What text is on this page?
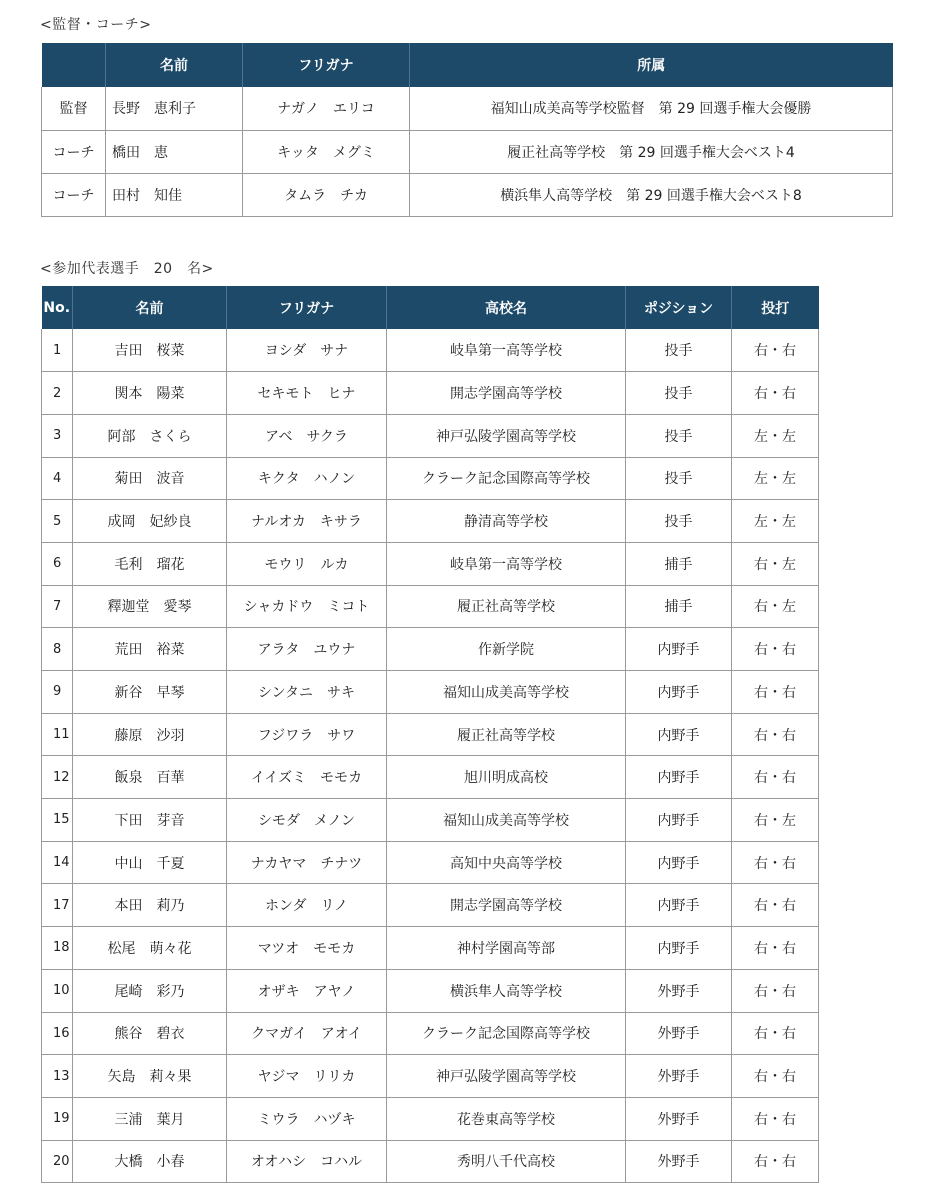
<監督・コーチ>
	名前	フリガナ	所属
監督	長野　恵利子	ナガノ　エリコ	福知山成美高等学校監督　第 29 回選手権大会優勝
コーチ	橋田　恵	キッタ　メグミ	履正社高等学校　第 29 回選手権大会ベスト4
コーチ	田村　知佳	タムラ　チカ	横浜隼人高等学校　第 29 回選手権大会ベスト8
<参加代表選手　20　名>
No.	名前	フリガナ	高校名	ポジション	投打
1	吉田　桜菜	ヨシダ　サナ	岐阜第一高等学校	投手	右・右
2	関本　陽菜	セキモト　ヒナ	開志学園高等学校	投手	右・右
3	阿部　さくら	アベ　サクラ	神戸弘陵学園高等学校	投手	左・左
4	菊田　波音	キクタ　ハノン	クラーク記念国際高等学校	投手	左・左
5	成岡　妃紗良	ナルオカ　キサラ	静清高等学校	投手	左・左
6	毛利　瑠花	モウリ　ルカ	岐阜第一高等学校	捕手	右・左
7	釋迦堂　愛琴	シャカドウ　ミコト	履正社高等学校	捕手	右・左
8	荒田　裕菜	アラタ　ユウナ	作新学院	内野手	右・右
9	新谷　早琴	シンタニ　サキ	福知山成美高等学校	内野手	右・右
11	藤原　沙羽	フジワラ　サワ	履正社高等学校	内野手	右・右
12	飯泉　百華	イイズミ　モモカ	旭川明成高校	内野手	右・右
15	下田　芽音	シモダ　メノン	福知山成美高等学校	内野手	右・左
14	中山　千夏	ナカヤマ　チナツ	高知中央高等学校	内野手	右・右
17	本田　莉乃	ホンダ　リノ	開志学園高等学校	内野手	右・右
18	松尾　萌々花	マツオ　モモカ	神村学園高等部	内野手	右・右
10	尾崎　彩乃	オザキ　アヤノ	横浜隼人高等学校	外野手	右・右
16	熊谷　碧衣	クマガイ　アオイ	クラーク記念国際高等学校	外野手	右・右
13	矢島　莉々果	ヤジマ　リリカ	神戸弘陵学園高等学校	外野手	右・右
19	三浦　葉月	ミウラ　ハヅキ	花巻東高等学校	外野手	右・右
20	大橋　小春	オオハシ　コハル	秀明八千代高校	外野手	右・右
